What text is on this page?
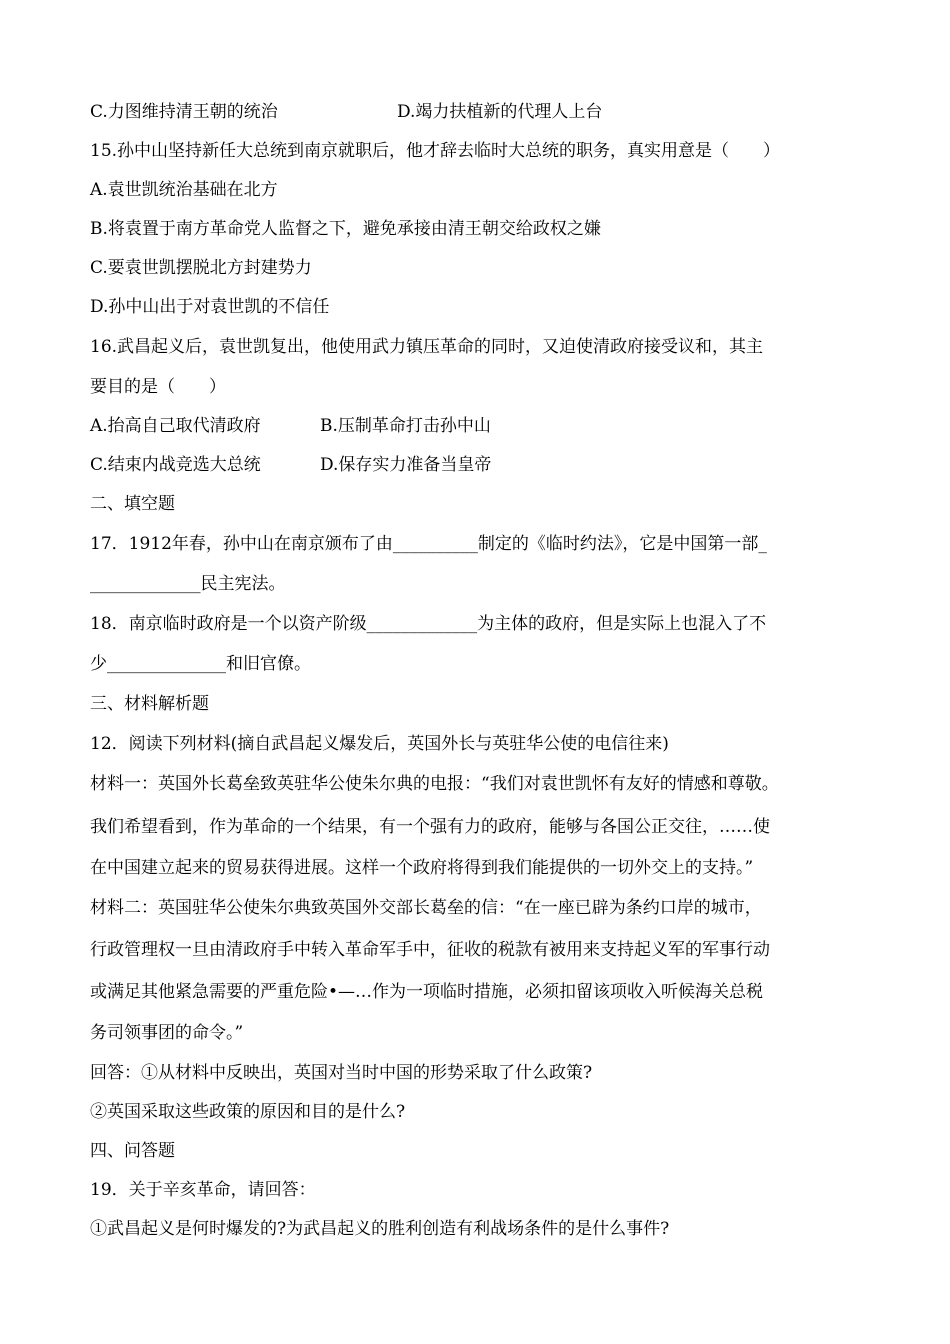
C.力图维持清王朝的统治	D.竭力扶植新的代理人上台
15.孙中山坚持新任大总统到南京就职后，他才辞去临时大总统的职务，真实用意是（　　）
A.袁世凯统治基础在北方
B.将袁置于南方革命党人监督之下，避免承接由清王朝交给政权之嫌
C.要袁世凯摆脱北方封建势力
D.孙中山出于对袁世凯的不信任
16.武昌起义后，袁世凯复出，他使用武力镇压革命的同时，又迫使清政府接受议和，其主
要目的是（　　）
A.抬高自己取代清政府	B.压制革命打击孙中山
C.结束内战竞选大总统	D.保存实力准备当皇帝
二、填空题
17．1912年春，孙中山在南京颁布了由__________制定的《临时约法》，它是中国第一部_
_____________民主宪法。
18．南京临时政府是一个以资产阶级_____________为主体的政府，但是实际上也混入了不
少______________和旧官僚。
三、材料解析题
12．阅读下列材料(摘自武昌起义爆发后，英国外长与英驻华公使的电信往来)
材料一：英国外长葛垒致英驻华公使朱尔典的电报：“我们对袁世凯怀有友好的情感和尊敬。
我们希望看到，作为革命的一个结果，有一个强有力的政府，能够与各国公正交往，……使
在中国建立起来的贸易获得进展。这样一个政府将得到我们能提供的一切外交上的支持。”
材料二：英国驻华公使朱尔典致英国外交部长葛垒的信：“在一座已辟为条约口岸的城市，
行政管理权一旦由清政府手中转入革命军手中，征收的税款有被用来支持起义军的军事行动
或满足其他紧急需要的严重危险•—…作为一项临时措施，必须扣留该项收入听候海关总税
务司领事团的命令。”
回答：①从材料中反映出，英国对当时中国的形势采取了什么政策?
②英国采取这些政策的原因和目的是什么?
四、问答题
19．关于辛亥革命，请回答：
①武昌起义是何时爆发的?为武昌起义的胜利创造有利战场条件的是什么事件?
